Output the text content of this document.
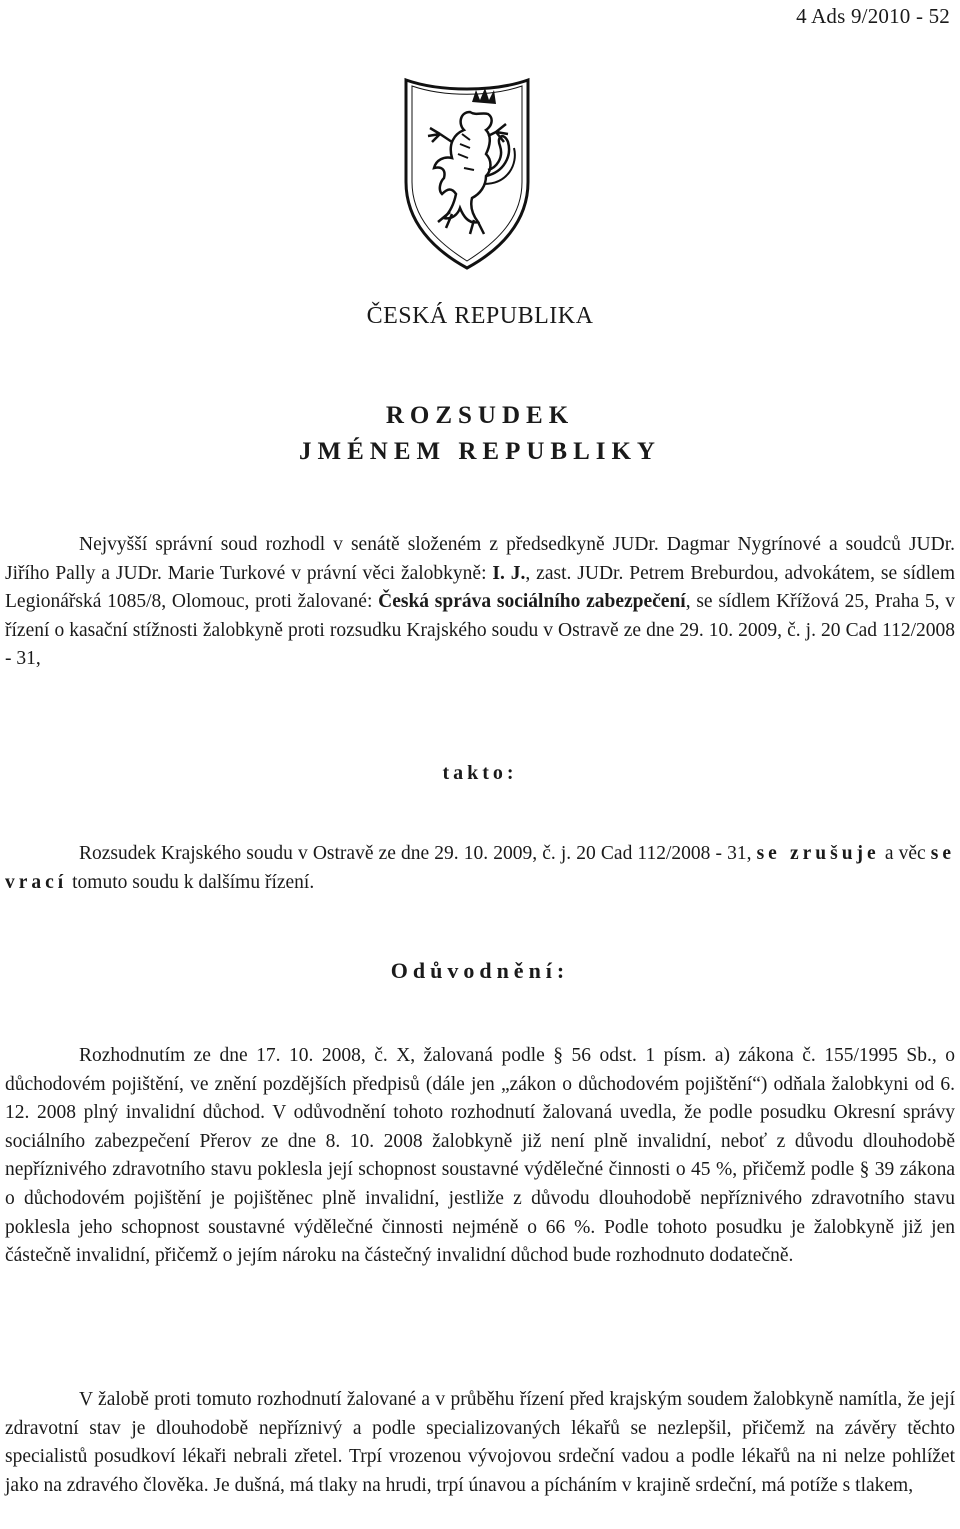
4 Ads 9/2010 - 52
ČESKÁ REPUBLIKA
ROZSUDEK
JMÉNEM REPUBLIKY

Nejvyšší správní soud rozhodl v senátě složeném z předsedkyně JUDr. Dagmar Nygrínové a soudců JUDr. Jiřího Pally a JUDr. Marie Turkové v právní věci žalobkyně: I. J., zast. JUDr. Petrem Breburdou, advokátem, se sídlem Legionářská 1085/8, Olomouc, proti žalované: Česká správa sociálního zabezpečení, se sídlem Křížová 25, Praha 5, v řízení o kasační stížnosti žalobkyně proti rozsudku Krajského soudu v Ostravě ze dne 29. 10. 2009, č. j. 20 Cad 112/2008 - 31,

takto:

Rozsudek Krajského soudu v Ostravě ze dne 29. 10. 2009, č. j. 20 Cad 112/2008 - 31, se zrušuje a věc se vrací tomuto soudu k dalšímu řízení.

Odůvodnění:

Rozhodnutím ze dne 17. 10. 2008, č. X, žalovaná podle § 56 odst. 1 písm. a) zákona č. 155/1995 Sb., o důchodovém pojištění, ve znění pozdějších předpisů (dále jen „zákon o důchodovém pojištění“) odňala žalobkyni od 6. 12. 2008 plný invalidní důchod. V odůvodnění tohoto rozhodnutí žalovaná uvedla, že podle posudku Okresní správy sociálního zabezpečení Přerov ze dne 8. 10. 2008 žalobkyně již není plně invalidní, neboť z důvodu dlouhodobě nepříznivého zdravotního stavu poklesla její schopnost soustavné výdělečné činnosti o 45 %, přičemž podle § 39 zákona o důchodovém pojištění je pojištěnec plně invalidní, jestliže z důvodu dlouhodobě nepříznivého zdravotního stavu poklesla jeho schopnost soustavné výdělečné činnosti nejméně o 66 %. Podle tohoto posudku je žalobkyně již jen částečně invalidní, přičemž o jejím nároku na částečný invalidní důchod bude rozhodnuto dodatečně.

V žalobě proti tomuto rozhodnutí žalované a v průběhu řízení před krajským soudem žalobkyně namítla, že její zdravotní stav je dlouhodobě nepříznivý a podle specializovaných lékařů se nezlepšil, přičemž na závěry těchto specialistů posudkoví lékaři nebrali zřetel. Trpí vrozenou vývojovou srdeční vadou a podle lékařů na ni nelze pohlížet jako na zdravého člověka. Je dušná, má tlaky na hrudi, trpí únavou a pícháním v krajině srdeční, má potíže s tlakem,
